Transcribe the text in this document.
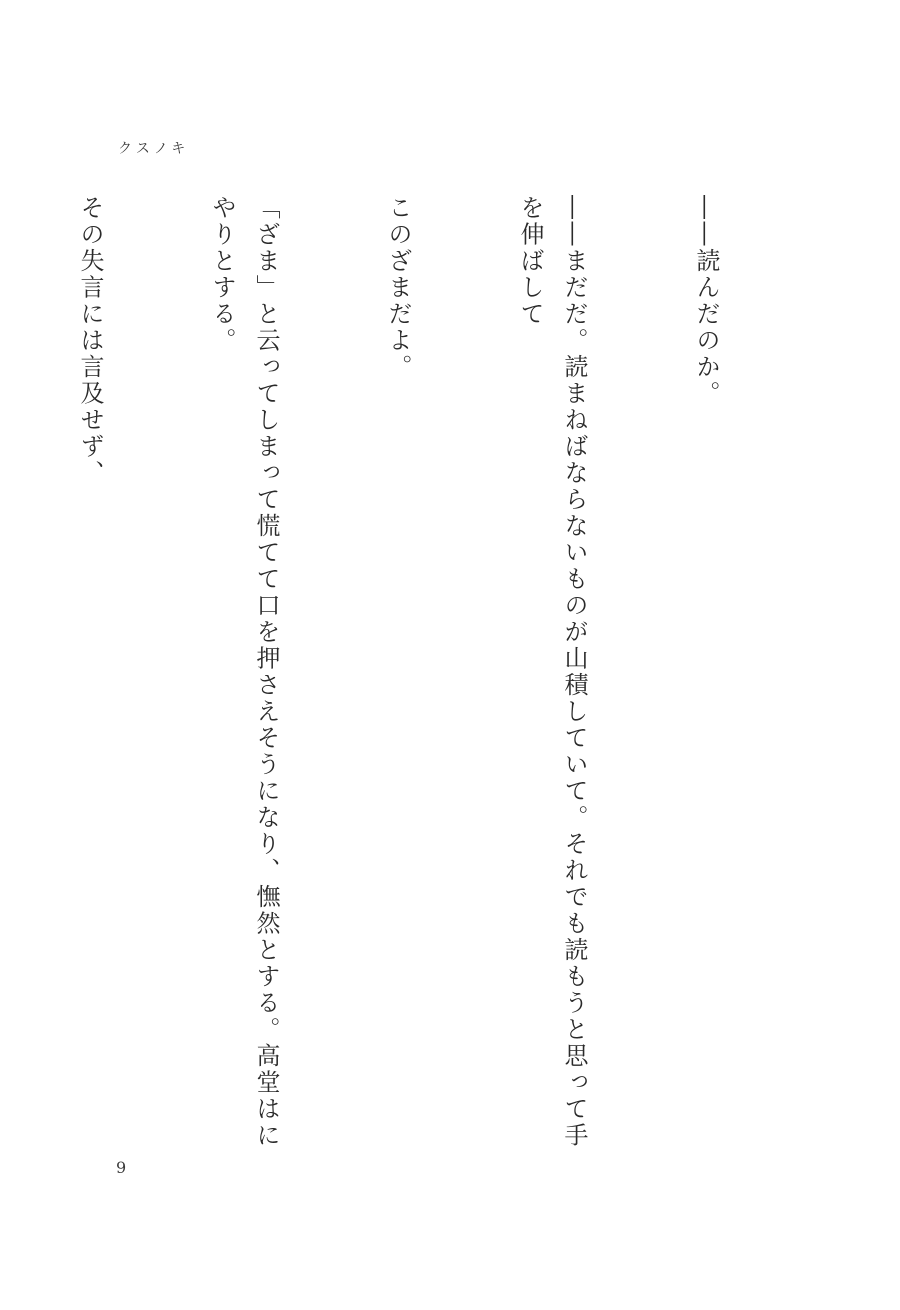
クスノキ

――読んだのか。

――まだだ。読まねばならないものが山積していて。それでも読もうと思って手を伸ばして

このざまだよ。

「ざま」と云ってしまって慌てて口を押さえそうになり、憮然とする。高堂はにやりとする。

その失言には言及せず、

9
